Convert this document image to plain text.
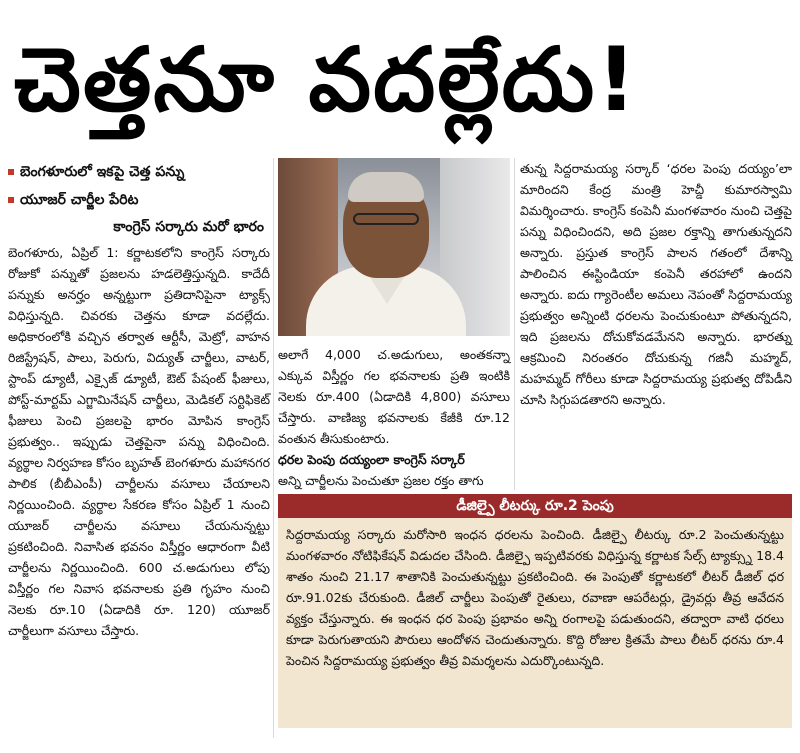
చెత్తనూ వదల్లేదు!
బెంగళూరులో ఇకపై చెత్త పన్ను
యూజర్ చార్జీల పేరిట
కాంగ్రెస్ సర్కారు మరో భారం

బెంగళూరు, ఏప్రిల్ 1: కర్ణాటకలోని కాంగ్రెస్ సర్కారు రోజుకో పన్నుతో ప్రజలను హడలెత్తిస్తున్నది. కాదేదీ పన్నుకు అనర్హం అన్నట్టుగా ప్రతిదానిపైనా ట్యాక్స్ విధిస్తున్నది. చివరకు చెత్తను కూడా వదల్లేదు. అధికారంలోకి వచ్చిన తర్వాత ఆర్టీసీ, మెట్రో, వాహన రిజిస్ట్రేషన్, పాలు, పెరుగు, విద్యుత్ చార్జీలు, వాటర్, స్టాంప్ డ్యూటీ, ఎక్సైజ్ డ్యూటీ, ఔట్ పేషంట్ ఫీజులు, పోస్ట్-మార్టమ్ ఎగ్జామినేషన్ చార్జీలు, మెడికల్ సర్టిఫికెట్ ఫీజులు పెంచి ప్రజలపై భారం మోపిన కాంగ్రెస్ ప్రభుత్వం.. ఇప్పుడు చెత్తపైనా పన్ను విధించింది. వ్యర్థాల నిర్వహణ కోసం బృహత్ బెంగళూరు మహానగర పాలిక (బీబీఎంపీ) చార్జీలను వసూలు చేయాలని నిర్ణయించింది. వ్యర్థాల సేకరణ కోసం ఏప్రిల్ 1 నుంచి యూజర్ చార్జీలను వసూలు చేయనున్నట్టు ప్రకటించింది. నివాసిత భవనం విస్తీర్ణం ఆధారంగా వీటి చార్జీలను నిర్ణయించింది. 600 చ.అడుగులు లోపు విస్తీర్ణం గల నివాస భవనాలకు ప్రతి గృహం నుంచి నెలకు రూ.10 (ఏడాదికి రూ. 120) యూజర్ చార్జీలుగా వసూలు చేస్తారు.

అలాగే 4,000 చ.అడుగులు, అంతకన్నా ఎక్కువ విస్తీర్ణం గల భవనాలకు ప్రతి ఇంటికి నెలకు రూ.400 (ఏడాదికి 4,800) వసూలు చేస్తారు. వాణిజ్య భవనాలకు కేజీకి రూ.12 వంతున తీసుకుంటారు.

ధరల పెంపు దయ్యంలా కాంగ్రెస్ సర్కార్

అన్ని చార్జీలను పెంచుతూ ప్రజల రక్తం తాగు

తున్న సిద్దరామయ్య సర్కార్ ‘ధరల పెంపు దయ్యం’లా మారిందని కేంద్ర మంత్రి హెచ్డీ కుమారస్వామి విమర్శించారు. కాంగ్రెస్ కంపెనీ మంగళవారం నుంచి చెత్తపై పన్ను విధించిందని, అది ప్రజల రక్తాన్ని తాగుతున్నదని అన్నారు. ప్రస్తుత కాంగ్రెస్ పాలన గతంలో దేశాన్ని పాలించిన ఈస్టిండియా కంపెనీ తరహాలో ఉందని అన్నారు. ఐదు గ్యారెంటీల అమలు నెపంతో సిద్దరామయ్య ప్రభుత్వం అన్నింటి ధరలను పెంచుకుంటూ పోతున్నదని, ఇది ప్రజలను దోచుకోవడమేనని అన్నారు. భారత్ను ఆక్రమించి నిరంతరం దోచుకున్న గజినీ మహ్మద్, మహమ్మద్ గోరీలు కూడా సిద్దరామయ్య ప్రభుత్వ దోపిడీని చూసి సిగ్గుపడతారని అన్నారు.

డీజిల్పై లీటర్కు రూ.2 పెంపు

సిద్దరామయ్య సర్కారు మరోసారి ఇంధన ధరలను పెంచింది. డీజిల్పై లీటర్కు రూ.2 పెంచుతున్నట్టు మంగళవారం నోటిఫికేషన్ విడుదల చేసింది. డీజిల్పై ఇప్పటివరకు విధిస్తున్న కర్ణాటక సేల్స్ ట్యాక్స్ను 18.4 శాతం నుంచి 21.17 శాతానికి పెంచుతున్నట్టు ప్రకటించింది. ఈ పెంపుతో కర్ణాటకలో లీటర్ డీజిల్ ధర రూ.91.02కు చేరుకుంది. డీజిల్ చార్జీలు పెంపుతో రైతులు, రవాణా ఆపరేటర్లు, డ్రైవర్లు తీవ్ర ఆవేదన వ్యక్తం చేస్తున్నారు. ఈ ఇంధన ధర పెంపు ప్రభావం అన్ని రంగాలపై పడుతుందని, తద్వారా వాటి ధరలు కూడా పెరుగుతాయని పౌరులు ఆందోళన చెందుతున్నారు. కొద్ది రోజుల క్రితమే పాలు లీటర్ ధరను రూ.4 పెంచిన సిద్దరామయ్య ప్రభుత్వం తీవ్ర విమర్శలను ఎదుర్కొంటున్నది.
